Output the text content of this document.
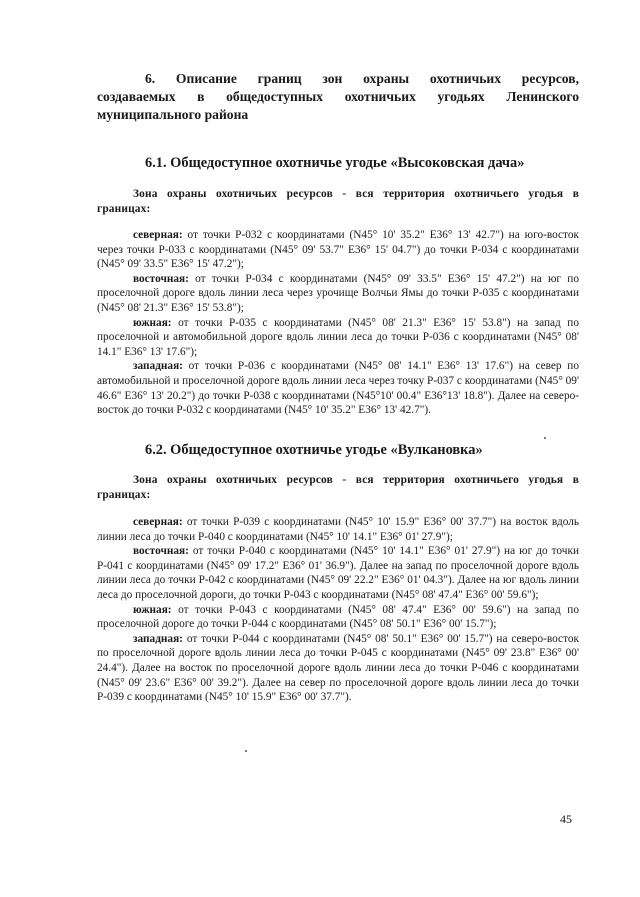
6. Описание границ зон охраны охотничьих ресурсов,
создаваемых в общедоступных охотничьих угодьях Ленинского
муниципального района
6.1. Общедоступное охотничье угодье «Высоковская дача»
Зона охраны охотничьих ресурсов - вся территория охотничьего угодья в
границах:

северная: от точки Р-032 с координатами (N45° 10' 35.2" E36° 13' 42.7") на юго-восток через точки Р-033 с координатами (N45° 09' 53.7" E36° 15' 04.7") до точки Р-034 с координатами (N45° 09' 33.5" E36° 15' 47.2");

восточная: от точки Р-034 с координатами (N45° 09' 33.5" E36° 15' 47.2") на юг по проселочной дороге вдоль линии леса через урочище Волчьи Ямы до точки Р-035 с координатами (N45° 08' 21.3" E36° 15' 53.8");

южная: от точки Р-035 с координатами (N45° 08' 21.3" E36° 15' 53.8") на запад по проселочной и автомобильной дороге вдоль линии леса до точки Р-036 с координатами (N45° 08' 14.1" E36° 13' 17.6");

западная: от точки Р-036 с координатами (N45° 08' 14.1" E36° 13' 17.6") на север по автомобильной и проселочной дороге вдоль линии леса через точку Р-037 с координатами (N45° 09' 46.6" E36° 13' 20.2") до точки Р-038 с координатами (N45°10' 00.4" E36°13' 18.8"). Далее на северо-восток до точки Р-032 с координатами (N45° 10' 35.2" E36° 13' 42.7").

6.2. Общедоступное охотничье угодье «Вулкановка»
Зона охраны охотничьих ресурсов - вся территория охотничьего угодья в
границах:

северная: от точки Р-039 с координатами (N45° 10' 15.9" E36° 00' 37.7") на восток вдоль линии леса до точки Р-040 с координатами (N45° 10' 14.1" E36° 01' 27.9");

восточная: от точки Р-040 с координатами (N45° 10' 14.1" E36° 01' 27.9") на юг до точки Р-041 с координатами (N45° 09' 17.2" E36° 01' 36.9"). Далее на запад по проселочной дороге вдоль линии леса до точки Р-042 с координатами (N45° 09' 22.2" E36° 01' 04.3"). Далее на юг вдоль линии леса до проселочной дороги, до точки Р-043 с координатами (N45° 08' 47.4" E36° 00' 59.6");

южная: от точки Р-043 с координатами (N45° 08' 47.4" E36° 00' 59.6") на запад по проселочной дороге до точки Р-044 с координатами (N45° 08' 50.1" E36° 00' 15.7");

западная: от точки Р-044 с координатами (N45° 08' 50.1" E36° 00' 15.7") на северо-восток по проселочной дороге вдоль линии леса до точки Р-045 с координатами (N45° 09' 23.8" E36° 00' 24.4"). Далее на восток по проселочной дороге вдоль линии леса до точки Р-046 с координатами (N45° 09' 23.6" E36° 00' 39.2"). Далее на север по проселочной дороге вдоль линии леса до точки Р-039 с координатами (N45° 10' 15.9" E36° 00' 37.7").

45
